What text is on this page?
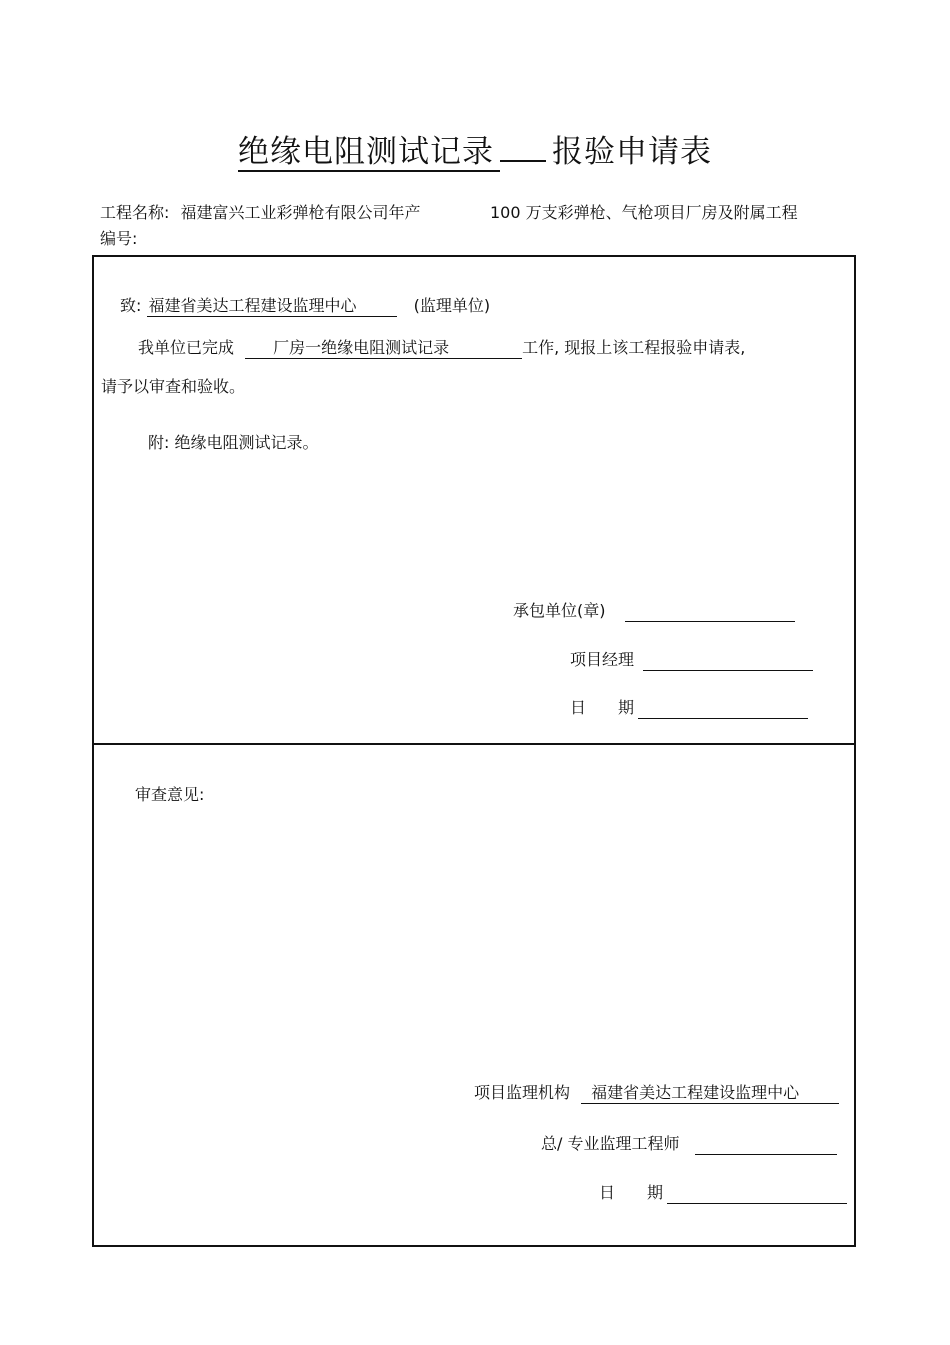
绝缘电阻测试记录 报验申请表
工程名称: 福建富兴工业彩弹枪有限公司年产	100 万支彩弹枪、气枪项目厂房及附属工程
编号:
致: 福建省美达工程建设监理中心	(监理单位)
我单位已完成 厂房一绝缘电阻测试记录	工作, 现报上该工程报验申请表,
请予以审查和验收。
附: 绝缘电阻测试记录。
承包单位(章)
项目经理
日　　期
审查意见:
项目监理机构 福建省美达工程建设监理中心
总/ 专业监理工程师
日　　期
